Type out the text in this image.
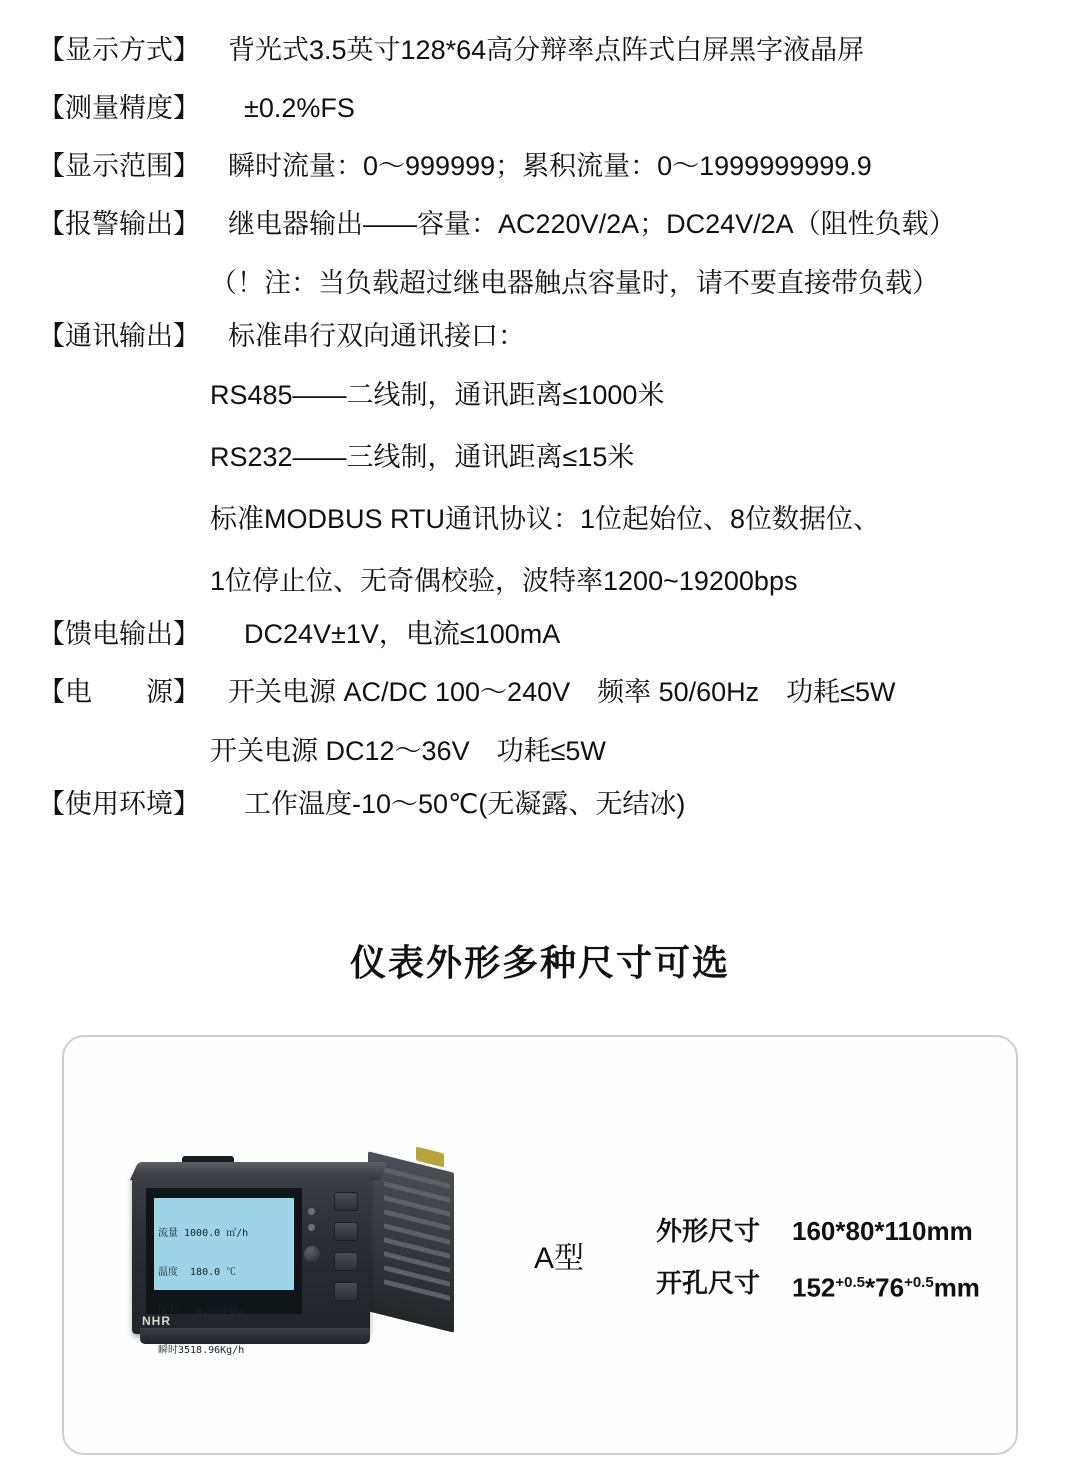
【显示方式】	背光式3.5英寸128*64高分辩率点阵式白屏黑字液晶屏
【测量精度】	±0.2%FS
【显示范围】	瞬时流量：0～999999；累积流量：0～1999999999.9
【报警输出】	继电器输出——容量：AC220V/2A；DC24V/2A（阻性负载）
（！注：当负载超过继电器触点容量时，请不要直接带负载）
【通讯输出】	标准串行双向通讯接口：
RS485——二线制，通讯距离≤1000米
RS232——三线制，通讯距离≤15米
标准MODBUS RTU通讯协议：1位起始位、8位数据位、
1位停止位、无奇偶校验，波特率1200~19200bps
【馈电输出】	DC24V±1V，电流≤100mA
【电　　源】	开关电源 AC/DC 100～240V　频率 50/60Hz　功耗≤5W
开关电源 DC12～36V　功耗≤5W
【使用环境】	工作温度-10～50℃(无凝露、无结冰)
仪表外形多种尺寸可选

流量 1000.0 ㎡/h

温度  180.0 ℃

压力   0.600MPa

瞬时3518.96Kg/h

NHR
A型
外形尺寸	160*80*110mm
开孔尺寸	$152^{+0.5}*76^{+0.5}mm$
